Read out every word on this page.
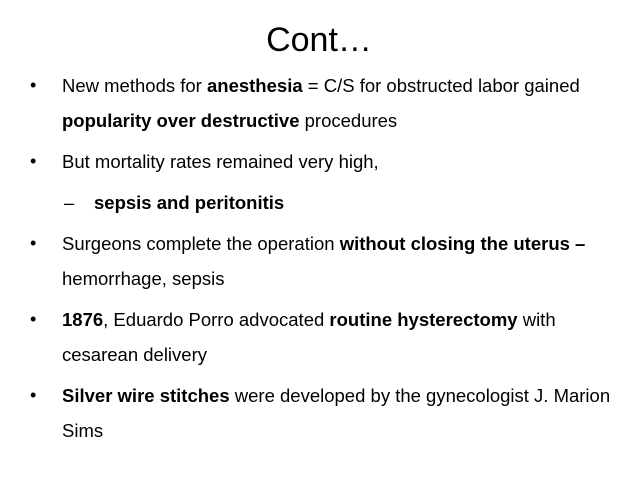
Cont…
•	New methods for anesthesia = C/S for obstructed labor gained popularity over destructive procedures
•	But mortality rates remained very high,
– sepsis and peritonitis
•	Surgeons complete the operation without closing the uterus – hemorrhage, sepsis
•	1876, Eduardo Porro advocated routine hysterectomy with cesarean delivery
•	Silver wire stitches were developed by the gynecologist J. Marion Sims
